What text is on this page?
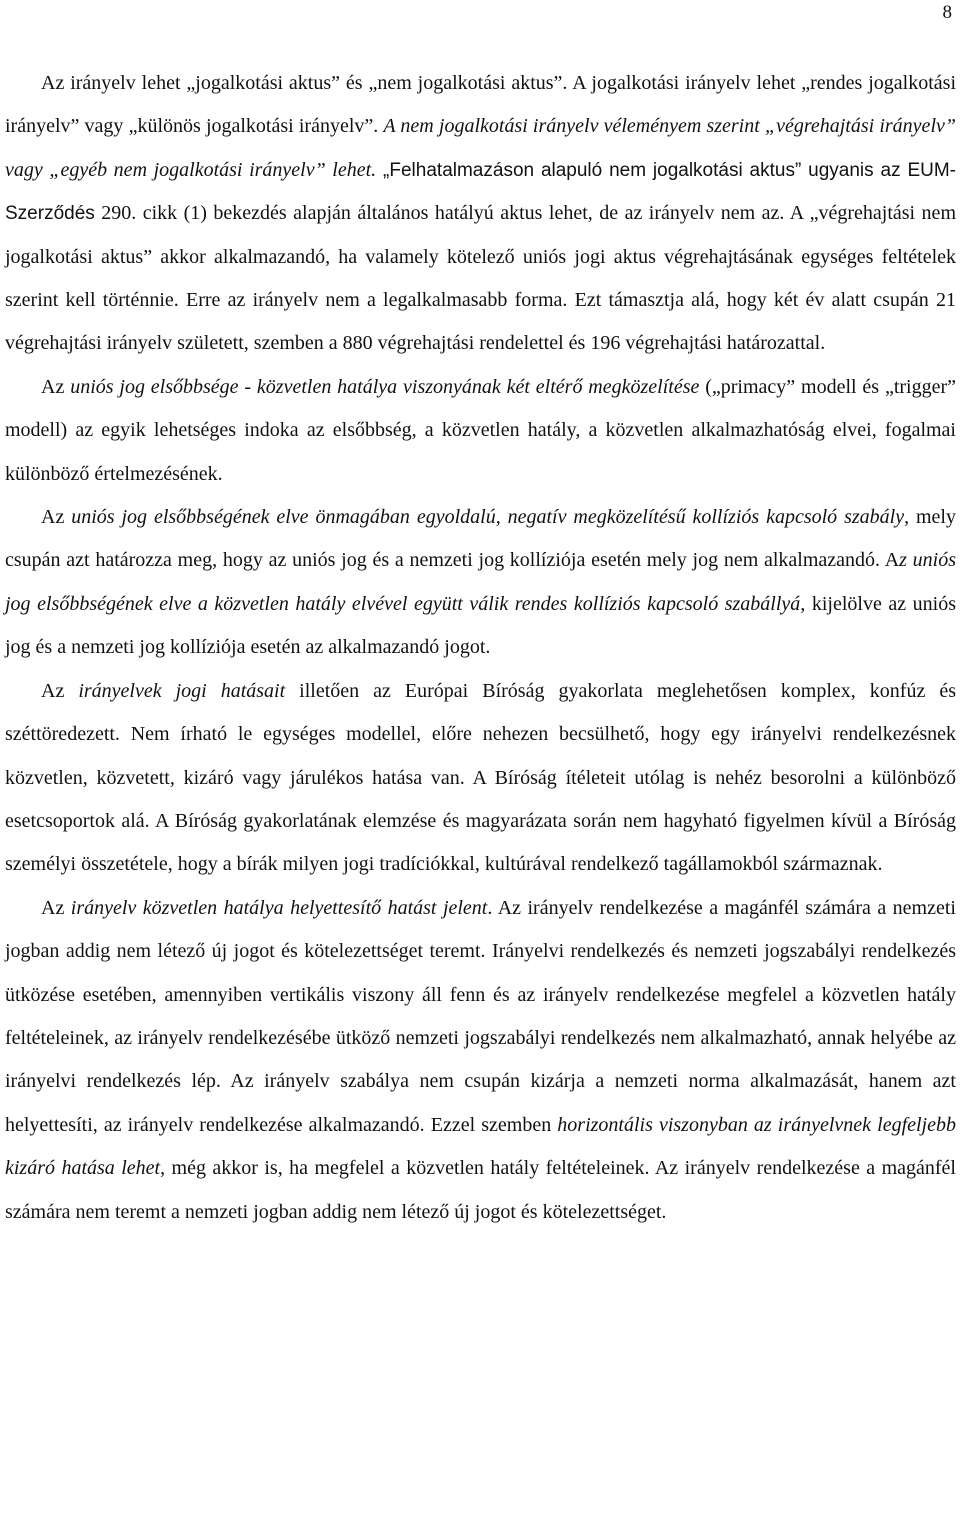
8

Az irányelv lehet „jogalkotási aktus” és „nem jogalkotási aktus”. A jogalkotási irányelv lehet „rendes jogalkotási irányelv” vagy „különös jogalkotási irányelv”. A nem jogalkotási irányelv véleményem szerint „végrehajtási irányelv” vagy „egyéb nem jogalkotási irányelv” lehet. „Felhatalmazáson alapuló nem jogalkotási aktus” ugyanis az EUM-Szerződés 290. cikk (1) bekezdés alapján általános hatályú aktus lehet, de az irányelv nem az. A „végrehajtási nem jogalkotási aktus” akkor alkalmazandó, ha valamely kötelező uniós jogi aktus végrehajtásának egységes feltételek szerint kell történnie. Erre az irányelv nem a legalkalmasabb forma. Ezt támasztja alá, hogy két év alatt csupán 21 végrehajtási irányelv született, szemben a 880 végrehajtási rendelettel és 196 végrehajtási határozattal.

Az uniós jog elsőbbsége - közvetlen hatálya viszonyának két eltérő megközelítése („primacy” modell és „trigger” modell) az egyik lehetséges indoka az elsőbbség, a közvetlen hatály, a közvetlen alkalmazhatóság elvei, fogalmai különböző értelmezésének.

Az uniós jog elsőbbségének elve önmagában egyoldalú, negatív megközelítésű kollíziós kapcsoló szabály, mely csupán azt határozza meg, hogy az uniós jog és a nemzeti jog kollíziója esetén mely jog nem alkalmazandó. Az uniós jog elsőbbségének elve a közvetlen hatály elvével együtt válik rendes kollíziós kapcsoló szabállyá, kijelölve az uniós jog és a nemzeti jog kollíziója esetén az alkalmazandó jogot.

Az irányelvek jogi hatásait illetően az Európai Bíróság gyakorlata meglehetősen komplex, konfúz és széttöredezett. Nem írható le egységes modellel, előre nehezen becsülhető, hogy egy irányelvi rendelkezésnek közvetlen, közvetett, kizáró vagy járulékos hatása van. A Bíróság ítéleteit utólag is nehéz besorolni a különböző esetcsoportok alá. A Bíróság gyakorlatának elemzése és magyarázata során nem hagyható figyelmen kívül a Bíróság személyi összetétele, hogy a bírák milyen jogi tradíciókkal, kultúrával rendelkező tagállamokból származnak.

Az irányelv közvetlen hatálya helyettesítő hatást jelent. Az irányelv rendelkezése a magánfél számára a nemzeti jogban addig nem létező új jogot és kötelezettséget teremt. Irányelvi rendelkezés és nemzeti jogszabályi rendelkezés ütközése esetében, amennyiben vertikális viszony áll fenn és az irányelv rendelkezése megfelel a közvetlen hatály feltételeinek, az irányelv rendelkezésébe ütköző nemzeti jogszabályi rendelkezés nem alkalmazható, annak helyébe az irányelvi rendelkezés lép. Az irányelv szabálya nem csupán kizárja a nemzeti norma alkalmazását, hanem azt helyettesíti, az irányelv rendelkezése alkalmazandó. Ezzel szemben horizontális viszonyban az irányelvnek legfeljebb kizáró hatása lehet, még akkor is, ha megfelel a közvetlen hatály feltételeinek. Az irányelv rendelkezése a magánfél számára nem teremt a nemzeti jogban addig nem létező új jogot és kötelezettséget.
